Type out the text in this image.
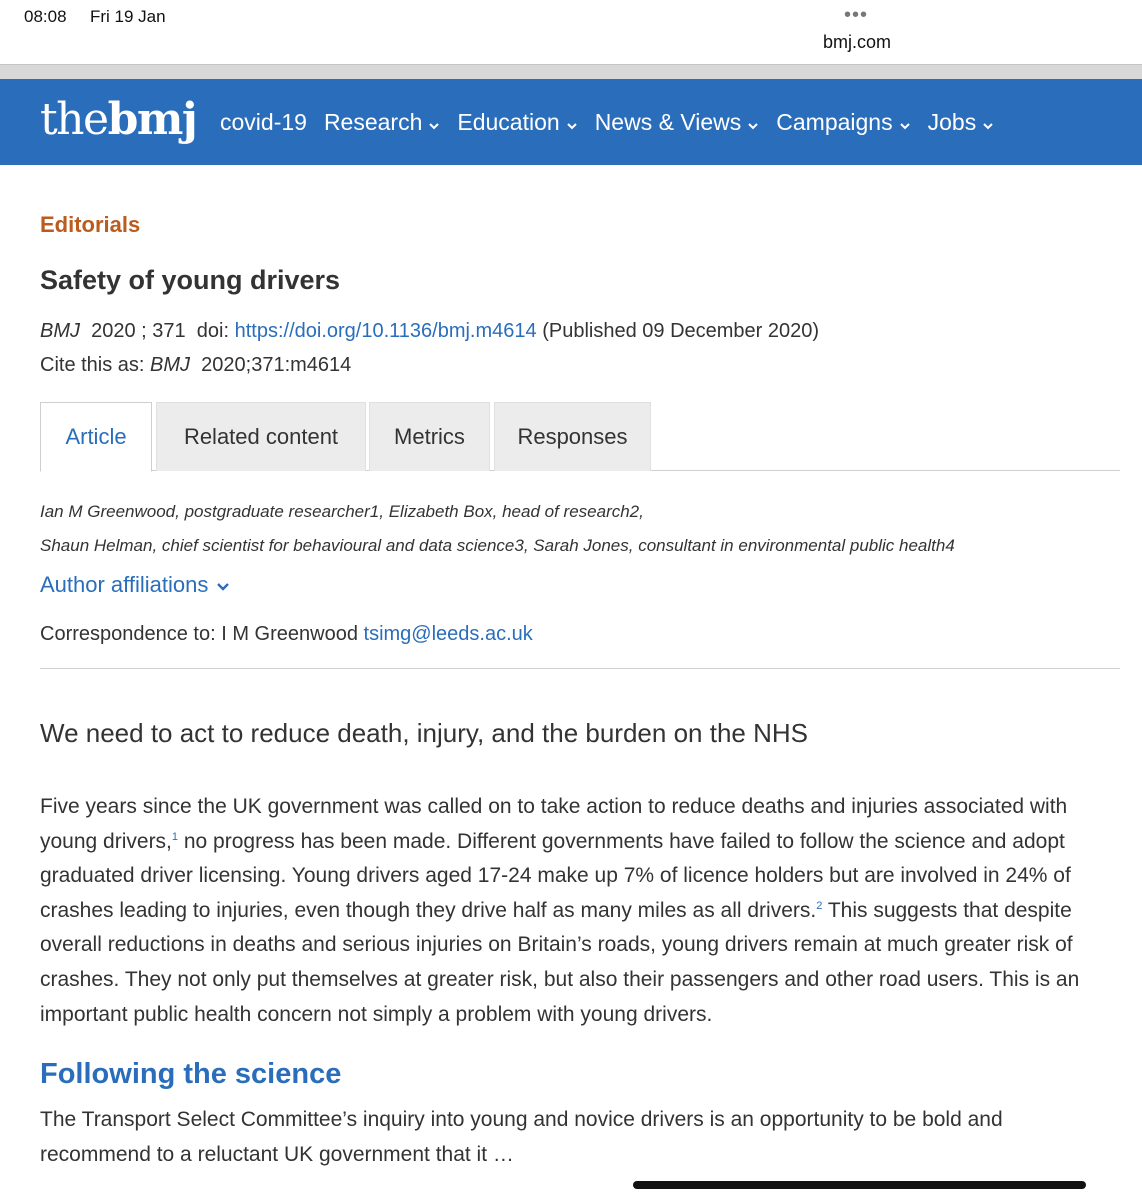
08:08 Fri 19 Jan	•••
bmj.com
thebmj covid-19 Research Education News & Views Campaigns Jobs
Editorials
Safety of young drivers
BMJ 2020 ; 371 doi: https://doi.org/10.1136/bmj.m4614 (Published 09 December 2020)
Cite this as: BMJ 2020;371:m4614
Article	Related content	Metrics Responses
Ian M Greenwood, postgraduate researcher1, Elizabeth Box, head of research2,
Shaun Helman, chief scientist for behavioural and data science3, Sarah Jones, consultant in environmental public health4
Author affiliations
Correspondence to: I M Greenwood tsimg@leeds.ac.uk
We need to act to reduce death, injury, and the burden on the NHS

Five years since the UK government was called on to take action to reduce deaths and injuries associated with young drivers,$^1$ no progress has been made. Different governments have failed to follow the science and adopt graduated driver licensing. Young drivers aged 17-24 make up 7% of licence holders but are involved in 24% of crashes leading to injuries, even though they drive half as many miles as all drivers.$^2$ This suggests that despite overall reductions in deaths and serious injuries on Britain’s roads, young drivers remain at much greater risk of crashes. They not only put themselves at greater risk, but also their passengers and other road users. This is an important public health concern not simply a problem with young drivers.

Following the science

The Transport Select Committee’s inquiry into young and novice drivers is an opportunity to be bold and recommend to a reluctant UK government that it …
